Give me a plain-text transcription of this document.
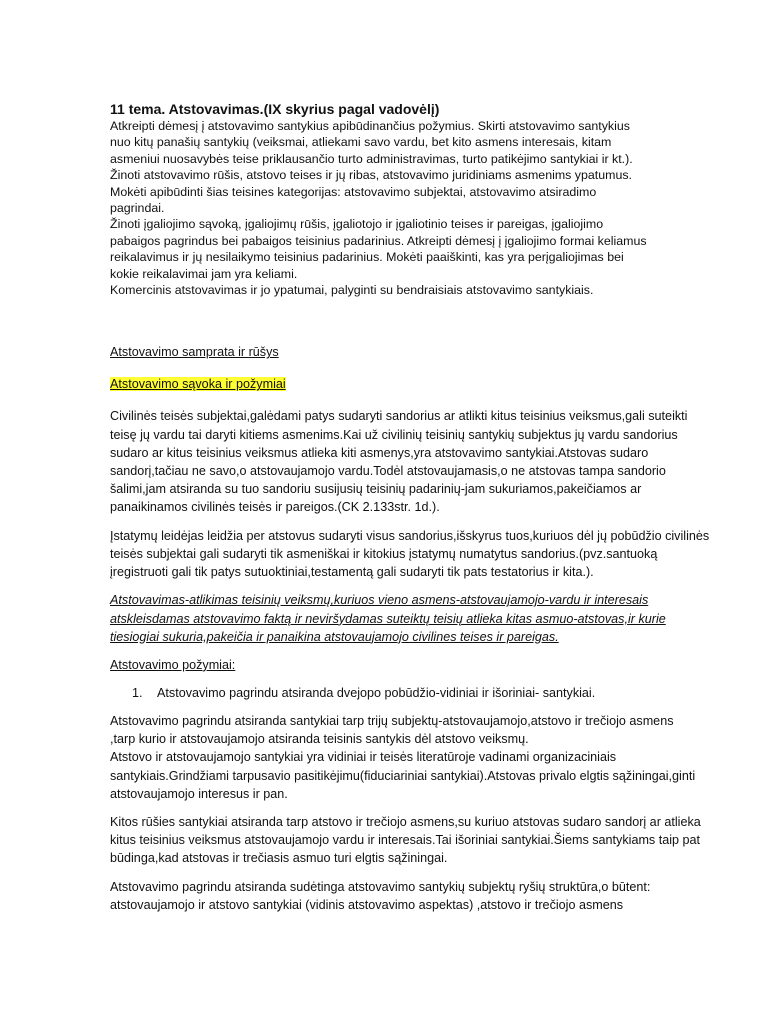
11 tema. Atstovavimas.(IX skyrius pagal vadovėlį)
Atkreipti dėmesį į atstovavimo santykius apibūdinančius požymius. Skirti atstovavimo santykius
nuo kitų panašių santykių (veiksmai, atliekami savo vardu, bet kito asmens interesais, kitam
asmeniui nuosavybės teise priklausančio turto administravimas, turto patikėjimo santykiai ir kt.).
Žinoti atstovavimo rūšis, atstovo teises ir jų ribas, atstovavimo juridiniams asmenims ypatumus.
Mokėti apibūdinti šias teisines kategorijas: atstovavimo subjektai, atstovavimo atsiradimo
pagrindai.
Žinoti įgaliojimo sąvoką, įgaliojimų rūšis, įgaliotojo ir įgaliotinio teises ir pareigas, įgaliojimo
pabaigos pagrindus bei pabaigos teisinius padarinius. Atkreipti dėmesį į įgaliojimo formai keliamus
reikalavimus ir jų nesilaikymo teisinius padarinius. Mokėti paaiškinti, kas yra perįgaliojimas bei
kokie reikalavimai jam yra keliami.
Komercinis atstovavimas ir jo ypatumai, palyginti su bendraisiais atstovavimo santykiais.
Atstovavimo samprata ir rūšys
Atstovavimo sąvoka ir požymiai
Civilinės teisės subjektai,galėdami patys sudaryti sandorius ar atlikti kitus teisinius veiksmus,gali suteikti
teisę jų vardu tai daryti kitiems asmenims.Kai už civilinių teisinių santykių subjektus jų vardu sandorius
sudaro ar kitus teisinius veiksmus atlieka kiti asmenys,yra atstovavimo santykiai.Atstovas sudaro
sandorį,tačiau ne savo,o atstovaujamojo vardu.Todėl atstovaujamasis,o ne atstovas tampa sandorio
šalimi,jam atsiranda su tuo sandoriu susijusių teisinių padarinių-jam sukuriamos,pakeičiamos ar
panaikinamos civilinės teisės ir pareigos.(CK 2.133str. 1d.).
Įstatymų leidėjas leidžia per atstovus sudaryti visus sandorius,išskyrus tuos,kuriuos dėl jų pobūdžio civilinės
teisės subjektai gali sudaryti tik asmeniškai ir kitokius įstatymų numatytus sandorius.(pvz.santuoką
įregistruoti gali tik patys sutuoktiniai,testamentą gali sudaryti tik pats testatorius ir kita.).
Atstovavimas-atlikimas teisinių veiksmų,kuriuos vieno asmens-atstovaujamojo-vardu ir interesais
atskleisdamas atstovavimo faktą ir neviršydamas suteiktų teisių atlieka kitas asmuo-atstovas,ir kurie
tiesiogiai sukuria,pakeičia ir panaikina atstovaujamojo civilines teises ir pareigas.
Atstovavimo požymiai:
1.	Atstovavimo pagrindu atsiranda dvejopo pobūdžio-vidiniai ir išoriniai- santykiai.
Atstovavimo pagrindu atsiranda santykiai tarp trijų subjektų-atstovaujamojo,atstovo ir trečiojo asmens
,tarp kurio ir atstovaujamojo atsiranda teisinis santykis dėl atstovo veiksmų.
Atstovo ir atstovaujamojo santykiai yra vidiniai ir teisės literatūroje vadinami organizaciniais
santykiais.Grindžiami tarpusavio pasitikėjimu(fiduciariniai santykiai).Atstovas privalo elgtis sąžiningai,ginti
atstovaujamojo interesus ir pan.
Kitos rūšies santykiai atsiranda tarp atstovo ir trečiojo asmens,su kuriuo atstovas sudaro sandorį ar atlieka
kitus teisinius veiksmus atstovaujamojo vardu ir interesais.Tai išoriniai santykiai.Šiems santykiams taip pat
būdinga,kad atstovas ir trečiasis asmuo turi elgtis sąžiningai.
Atstovavimo pagrindu atsiranda sudėtinga atstovavimo santykių subjektų ryšių struktūra,o būtent:
atstovaujamojo ir atstovo santykiai (vidinis atstovavimo aspektas) ,atstovo ir trečiojo asmens
